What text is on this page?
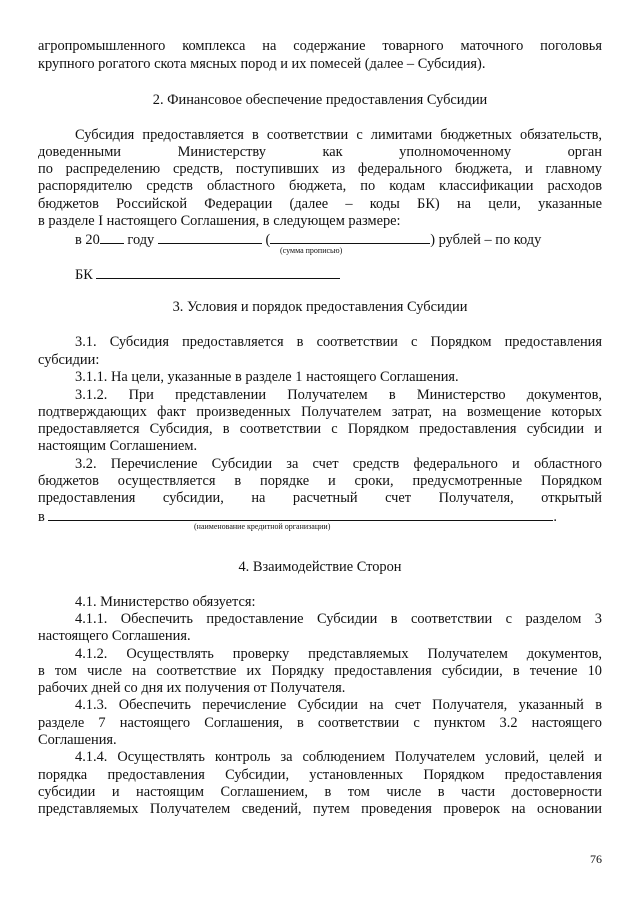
агропромышленного комплекса на содержание товарного маточного поголовья
крупного рогатого скота мясных пород и их помесей (далее – Субсидия).
2. Финансовое обеспечение предоставления Субсидии
Субсидия предоставляется в соответствии с лимитами бюджетных обязательств,
доведенными Министерству как уполномоченному орган
по распределению средств, поступивших из федерального бюджета, и главному
распорядителю средств областного бюджета, по кодам классификации расходов
бюджетов Российской Федерации (далее – коды БК) на цели, указанные
в разделе I настоящего Соглашения, в следующем размере:
в 20 году	(	) рублей – по коду
(сумма прописью)
БК
3. Условия и порядок предоставления Субсидии
3.1. Субсидия предоставляется в соответствии с Порядком предоставления
субсидии:
3.1.1. На цели, указанные в разделе 1 настоящего Соглашения.
3.1.2. При представлении Получателем в Министерство документов,
подтверждающих факт произведенных Получателем затрат, на возмещение которых
предоставляется Субсидия, в соответствии с Порядком предоставления субсидии и
настоящим Соглашением.
3.2. Перечисление Субсидии за счет средств федерального и областного
бюджетов осуществляется в порядке и сроки, предусмотренные Порядком
предоставления субсидии, на расчетный счет Получателя, открытый
в	.
(наименование кредитной организации)
4. Взаимодействие Сторон
4.1. Министерство обязуется:
4.1.1. Обеспечить предоставление Субсидии в соответствии с разделом 3
настоящего Соглашения.
4.1.2. Осуществлять проверку представляемых Получателем документов,
в том числе на соответствие их Порядку предоставления субсидии, в течение 10
рабочих дней со дня их получения от Получателя.
4.1.3. Обеспечить перечисление Субсидии на счет Получателя, указанный в
разделе 7 настоящего Соглашения, в соответствии с пунктом 3.2 настоящего
Соглашения.
4.1.4. Осуществлять контроль за соблюдением Получателем условий, целей и
порядка предоставления Субсидии, установленных Порядком предоставления
субсидии и настоящим Соглашением, в том числе в части достоверности
представляемых Получателем сведений, путем проведения проверок на основании
76
